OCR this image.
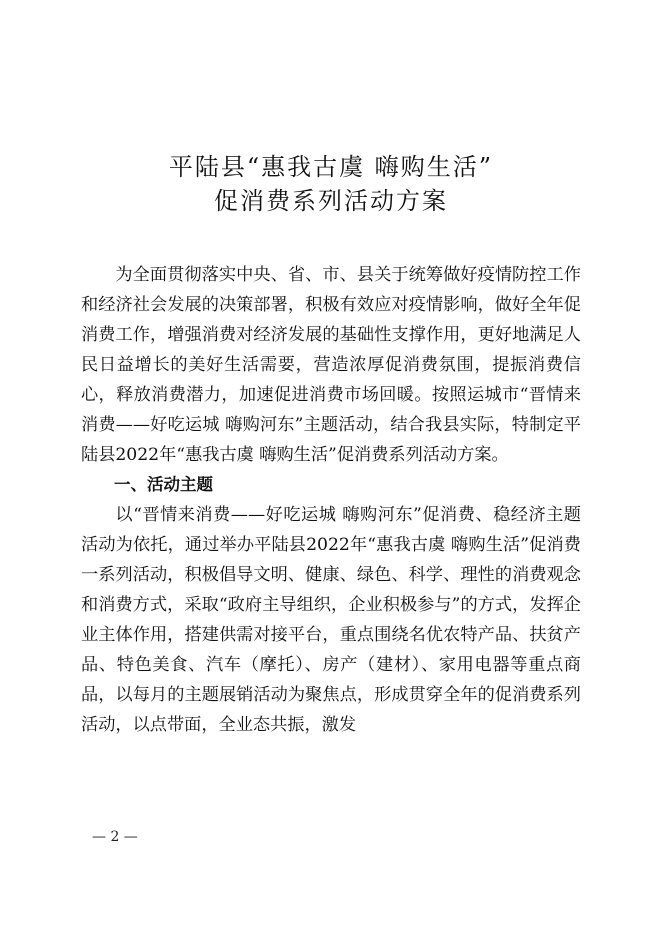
平陆县“惠我古虞 嗨购生活”
促消费系列活动方案

为全面贯彻落实中央、省、市、县关于统筹做好疫情防控工作和经济社会发展的决策部署，积极有效应对疫情影响，做好全年促消费工作，增强消费对经济发展的基础性支撑作用，更好地满足人民日益增长的美好生活需要，营造浓厚促消费氛围，提振消费信心，释放消费潜力，加速促进消费市场回暖。按照运城市“晋情来消费——好吃运城 嗨购河东”主题活动，结合我县实际，特制定平陆县2022年“惠我古虞 嗨购生活”促消费系列活动方案。

一、活动主题

以“晋情来消费——好吃运城 嗨购河东”促消费、稳经济主题活动为依托，通过举办平陆县2022年“惠我古虞 嗨购生活”促消费一系列活动，积极倡导文明、健康、绿色、科学、理性的消费观念和消费方式，采取“政府主导组织，企业积极参与”的方式，发挥企业主体作用，搭建供需对接平台，重点围绕名优农特产品、扶贫产品、特色美食、汽车（摩托）、房产（建材）、家用电器等重点商品，以每月的主题展销活动为聚焦点，形成贯穿全年的促消费系列活动，以点带面，全业态共振，激发

— 2 —
